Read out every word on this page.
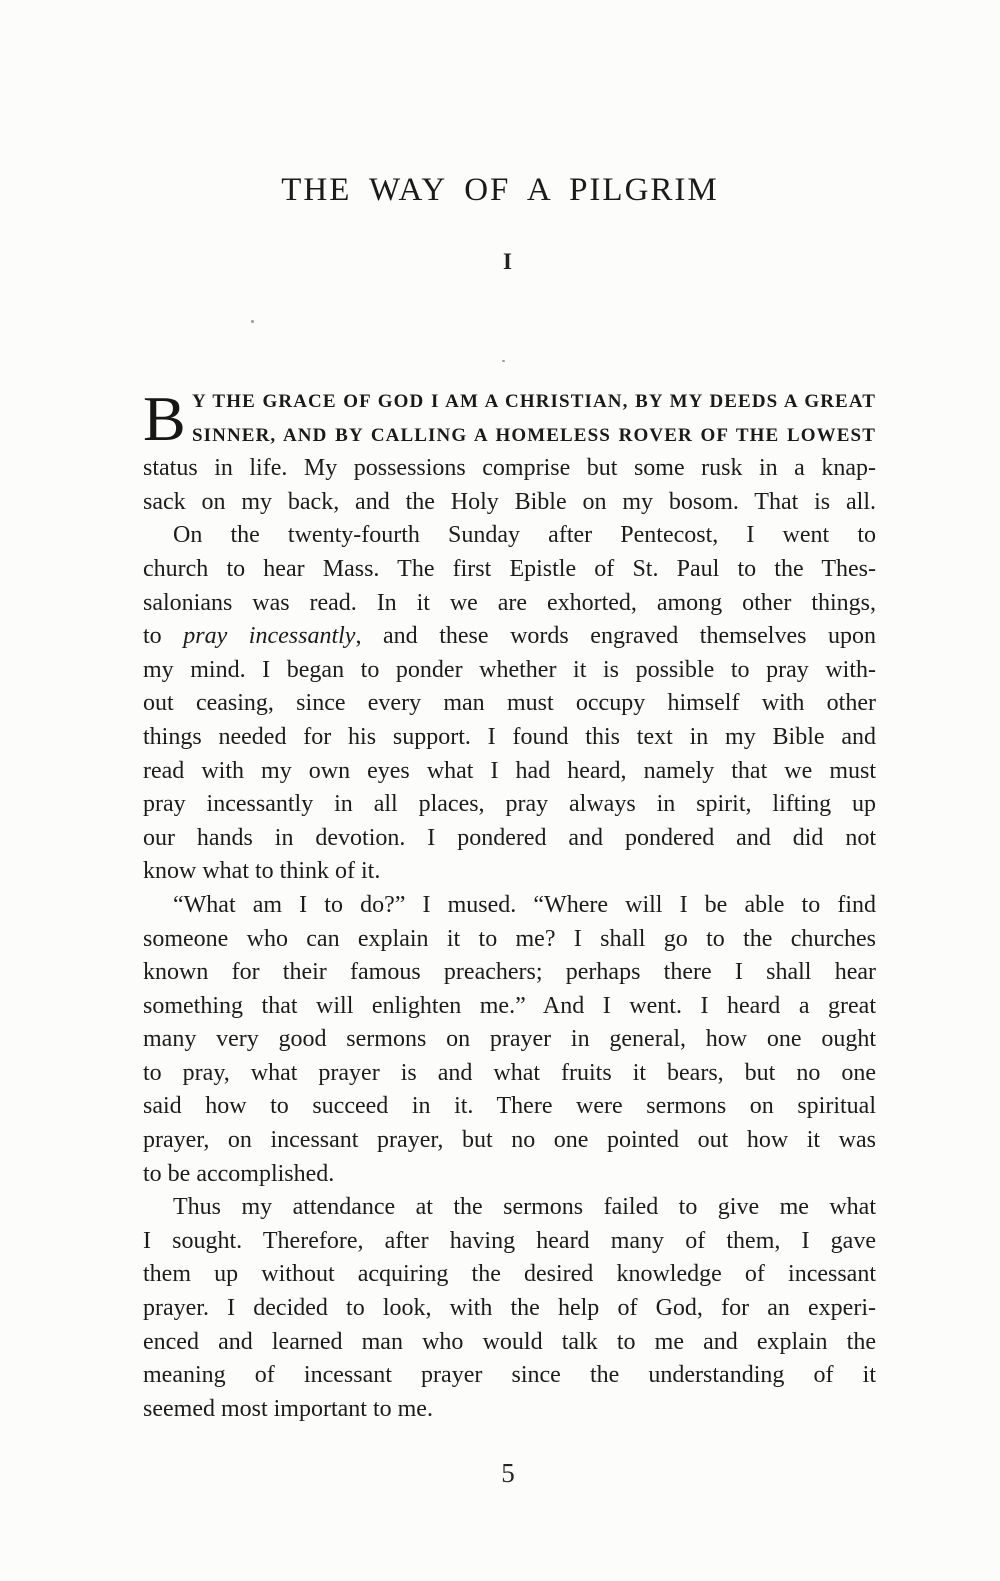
THE WAY OF A PILGRIM
I
B Y THE GRACE OF GOD I AM A CHRISTIAN, BY MY DEEDS A GREAT
SINNER, AND BY CALLING A HOMELESS ROVER OF THE LOWEST
status in life. My possessions comprise but some rusk in a knap-
sack on my back, and the Holy Bible on my bosom. That is all.
On the twenty-fourth Sunday after Pentecost, I went to
church to hear Mass. The first Epistle of St. Paul to the Thes-
salonians was read. In it we are exhorted, among other things,
to pray incessantly, and these words engraved themselves upon
my mind. I began to ponder whether it is possible to pray with-
out ceasing, since every man must occupy himself with other
things needed for his support. I found this text in my Bible and
read with my own eyes what I had heard, namely that we must
pray incessantly in all places, pray always in spirit, lifting up
our hands in devotion. I pondered and pondered and did not
know what to think of it.
“What am I to do?” I mused. “Where will I be able to find
someone who can explain it to me? I shall go to the churches
known for their famous preachers; perhaps there I shall hear
something that will enlighten me.” And I went. I heard a great
many very good sermons on prayer in general, how one ought
to pray, what prayer is and what fruits it bears, but no one
said how to succeed in it. There were sermons on spiritual
prayer, on incessant prayer, but no one pointed out how it was
to be accomplished.
Thus my attendance at the sermons failed to give me what
I sought. Therefore, after having heard many of them, I gave
them up without acquiring the desired knowledge of incessant
prayer. I decided to look, with the help of God, for an experi-
enced and learned man who would talk to me and explain the
meaning of incessant prayer since the understanding of it
seemed most important to me.
5
